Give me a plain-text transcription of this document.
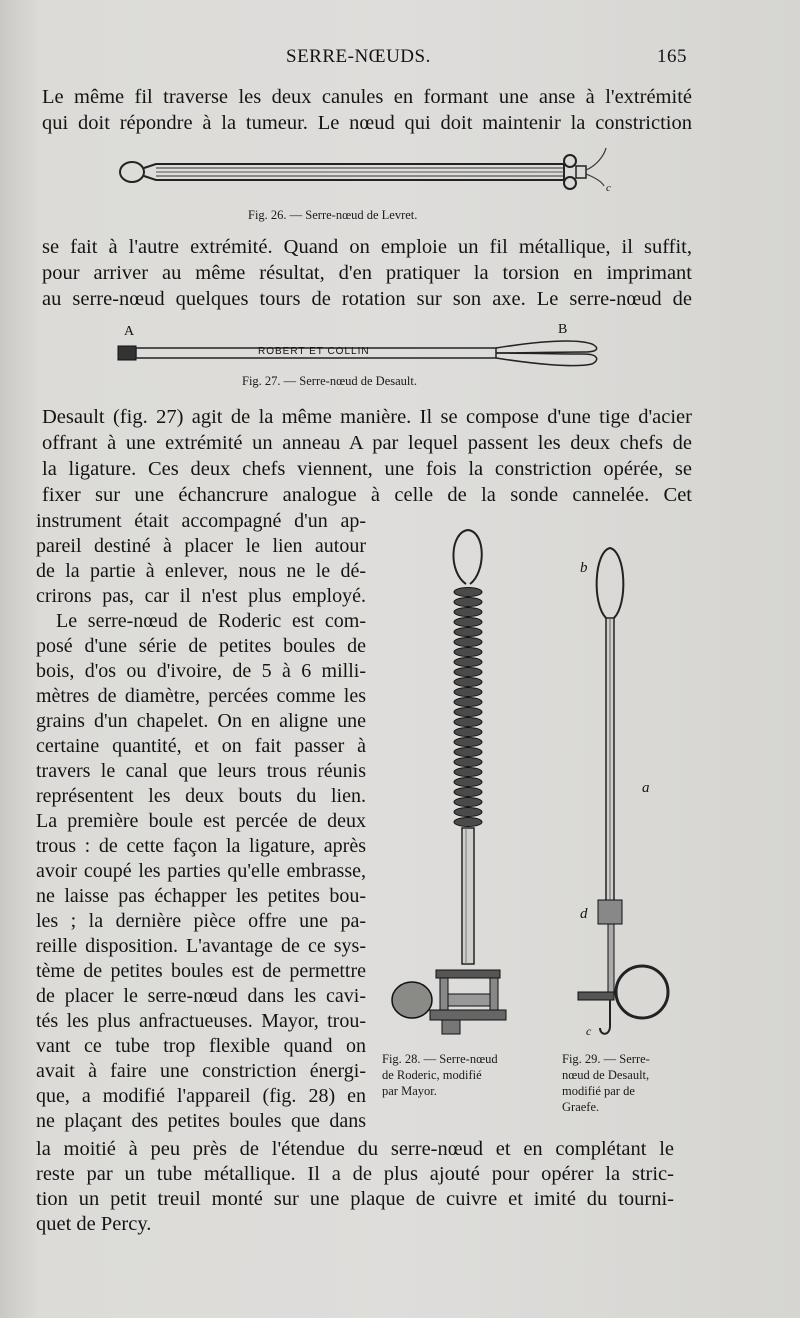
SERRE-NŒUDS.	165
Le même fil traverse les deux canules en formant une anse à l'extrémité
qui doit répondre à la tumeur. Le nœud qui doit maintenir la constriction
c
Fig. 26. — Serre-nœud de Levret.
se fait à l'autre extrémité. Quand on emploie un fil métallique, il suffit,
pour arriver au même résultat, d'en pratiquer la torsion en imprimant
au serre-nœud quelques tours de rotation sur son axe. Le serre-nœud de
A	B
ROBERT ET COLLIN
Fig. 27. — Serre-nœud de Desault.
Desault (fig. 27) agit de la même manière. Il se compose d'une tige d'acier
offrant à une extrémité un anneau A par lequel passent les deux chefs de
la ligature. Ces deux chefs viennent, une fois la constriction opérée, se
fixer sur une échancrure analogue à celle de la sonde cannelée. Cet
instrument était accompagné d'un ap-
pareil destiné à placer le lien autour
de la partie à enlever, nous ne le dé-
crirons pas, car il n'est plus employé.
Le serre-nœud de Roderic est com-
posé d'une série de petites boules de
bois, d'os ou d'ivoire, de 5 à 6 milli-
mètres de diamètre, percées comme les
grains d'un chapelet. On en aligne une
certaine quantité, et on fait passer à
travers le canal que leurs trous réunis
représentent les deux bouts du lien.
La première boule est percée de deux
trous : de cette façon la ligature, après
avoir coupé les parties qu'elle embrasse,
ne laisse pas échapper les petites bou-
les ; la dernière pièce offre une pa-
reille disposition. L'avantage de ce sys-
tème de petites boules est de permettre
de placer le serre-nœud dans les cavi-
tés les plus anfractueuses. Mayor, trou-
vant ce tube trop flexible quand on
avait à faire une constriction énergi-
que, a modifié l'appareil (fig. 28) en
ne plaçant des petites boules que dans
Fig. 28. — Serre-nœud
de Roderic, modifié
par Mayor.
b
a
d
c
Fig. 29. — Serre-
nœud de Desault,
modifié par de
Graefe.
la moitié à peu près de l'étendue du serre-nœud et en complétant le
reste par un tube métallique. Il a de plus ajouté pour opérer la stric-
tion un petit treuil monté sur une plaque de cuivre et imité du tourni-
quet de Percy.
